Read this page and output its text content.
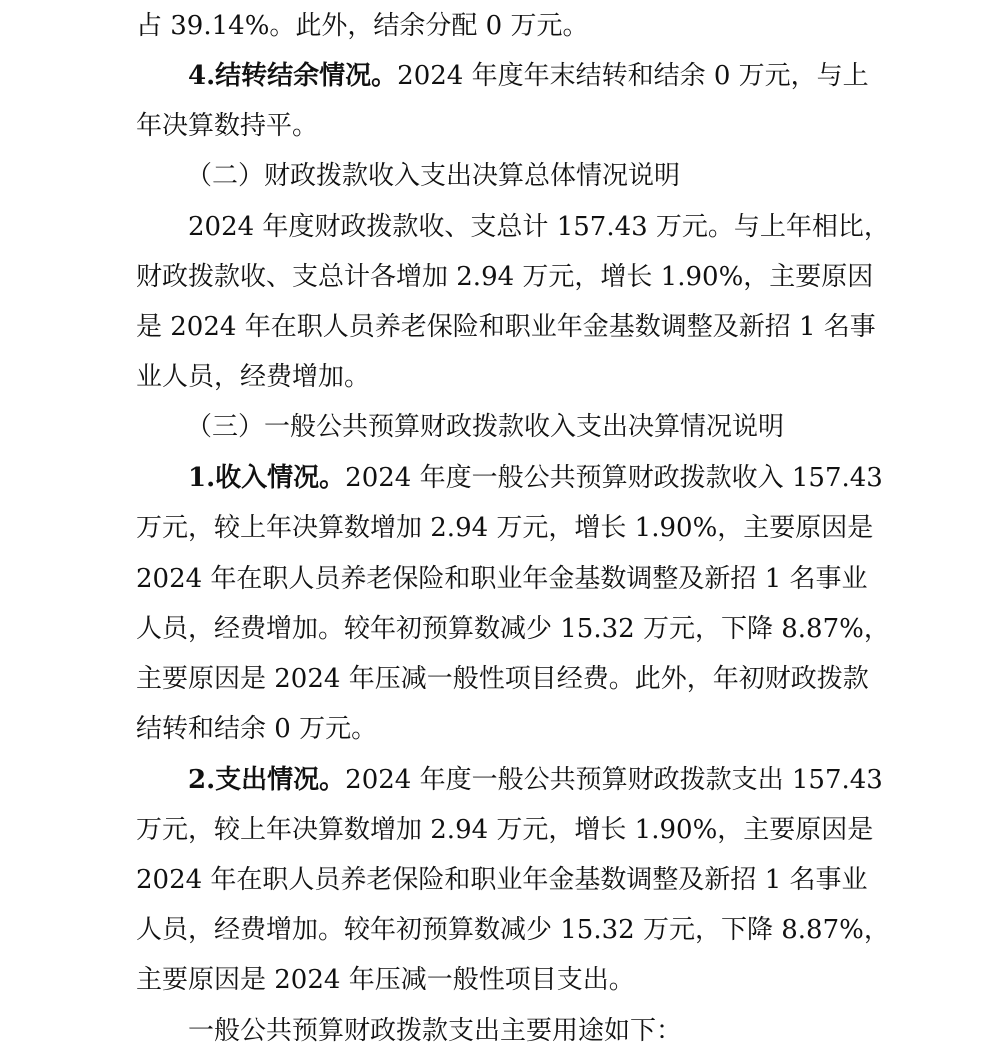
占 39.14%。此外，结余分配 0 万元。
4.结转结余情况。2024 年度年末结转和结余 0 万元，与上
年决算数持平。
（二）财政拨款收入支出决算总体情况说明
2024 年度财政拨款收、支总计 157.43 万元。与上年相比，
财政拨款收、支总计各增加 2.94 万元，增长 1.90%，主要原因
是 2024 年在职人员养老保险和职业年金基数调整及新招 1 名事
业人员，经费增加。
（三）一般公共预算财政拨款收入支出决算情况说明
1.收入情况。2024 年度一般公共预算财政拨款收入 157.43
万元，较上年决算数增加 2.94 万元，增长 1.90%，主要原因是
2024 年在职人员养老保险和职业年金基数调整及新招 1 名事业
人员，经费增加。较年初预算数减少 15.32 万元，下降 8.87%，
主要原因是 2024 年压减一般性项目经费。此外，年初财政拨款
结转和结余 0 万元。
2.支出情况。2024 年度一般公共预算财政拨款支出 157.43
万元，较上年决算数增加 2.94 万元，增长 1.90%，主要原因是
2024 年在职人员养老保险和职业年金基数调整及新招 1 名事业
人员，经费增加。较年初预算数减少 15.32 万元，下降 8.87%，
主要原因是 2024 年压减一般性项目支出。
一般公共预算财政拨款支出主要用途如下：
